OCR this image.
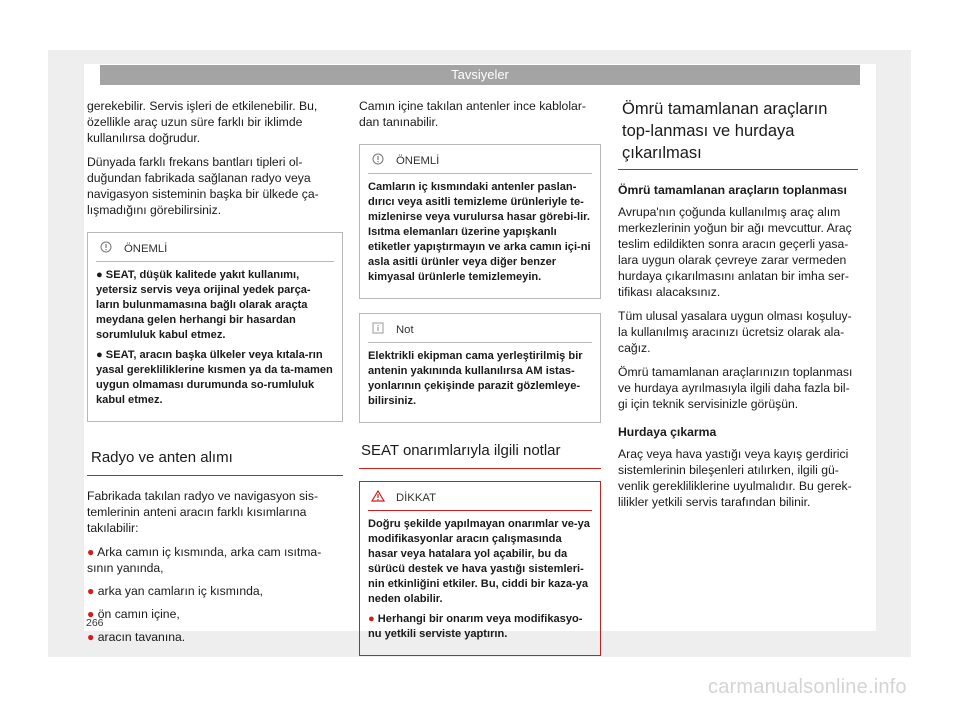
Tavsiyeler

gerekebilir. Servis işleri de etkilenebilir. Bu, özellikle araç uzun süre farklı bir iklimde kullanılırsa doğrudur.

Dünyada farklı frekans bantları tipleri ol-duğundan fabrikada sağlanan radyo veya navigasyon sisteminin başka bir ülkede ça-lışmadığını görebilirsiniz.

ÖNEMLİ

● SEAT, düşük kalitede yakıt kullanımı, yetersiz servis veya orijinal yedek parça-ların bulunmamasına bağlı olarak araçta meydana gelen herhangi bir hasardan sorumluluk kabul etmez.

● SEAT, aracın başka ülkeler veya kıtala-rın yasal gerekliliklerine kısmen ya da ta-mamen uygun olmaması durumunda so-rumluluk kabul etmez.

Radyo ve anten alımı

Fabrikada takılan radyo ve navigasyon sis-temlerinin anteni aracın farklı kısımlarına takılabilir:

● Arka camın iç kısmında, arka cam ısıtma-sının yanında,
● arka yan camların iç kısmında,
● ön camın içine,
● aracın tavanına.

Camın içine takılan antenler ince kablolar-dan tanınabilir.

ÖNEMLİ

Camların iç kısmındaki antenler paslan-dırıcı veya asitli temizleme ürünleriyle te-mizlenirse veya vurulursa hasar görebi-lir. Isıtma elemanları üzerine yapışkanlı etiketler yapıştırmayın ve arka camın içi-ni asla asitli ürünler veya diğer benzer kimyasal ürünlerle temizlemeyin.

Not

Elektrikli ekipman cama yerleştirilmiş bir antenin yakınında kullanılırsa AM istas-yonlarının çekişinde parazit gözlemleye-bilirsiniz.

SEAT onarımlarıyla ilgili notlar
DİKKAT

Doğru şekilde yapılmayan onarımlar ve-ya modifikasyonlar aracın çalışmasında hasar veya hatalara yol açabilir, bu da sürücü destek ve hava yastığı sistemleri-nin etkinliğini etkiler. Bu, ciddi bir kaza-ya neden olabilir.

● Herhangi bir onarım veya modifikasyo-nu yetkili serviste yaptırın.

Ömrü tamamlanan araçların top-lanması ve hurdaya çıkarılması
Ömrü tamamlanan araçların toplanması

Avrupa'nın çoğunda kullanılmış araç alım merkezlerinin yoğun bir ağı mevcuttur. Araç teslim edildikten sonra aracın geçerli yasa-lara uygun olarak çevreye zarar vermeden hurdaya çıkarılmasını anlatan bir imha ser-tifikası alacaksınız.

Tüm ulusal yasalara uygun olması koşuluy-la kullanılmış aracınızı ücretsiz olarak ala-cağız.

Ömrü tamamlanan araçlarınızın toplanması ve hurdaya ayrılmasıyla ilgili daha fazla bil-gi için teknik servisinizle görüşün.

Hurdaya çıkarma

Araç veya hava yastığı veya kayış gerdirici sistemlerinin bileşenleri atılırken, ilgili gü-venlik gerekliliklerine uyulmalıdır. Bu gerek-lilikler yetkili servis tarafından bilinir.

266
carmanualsonline.info
